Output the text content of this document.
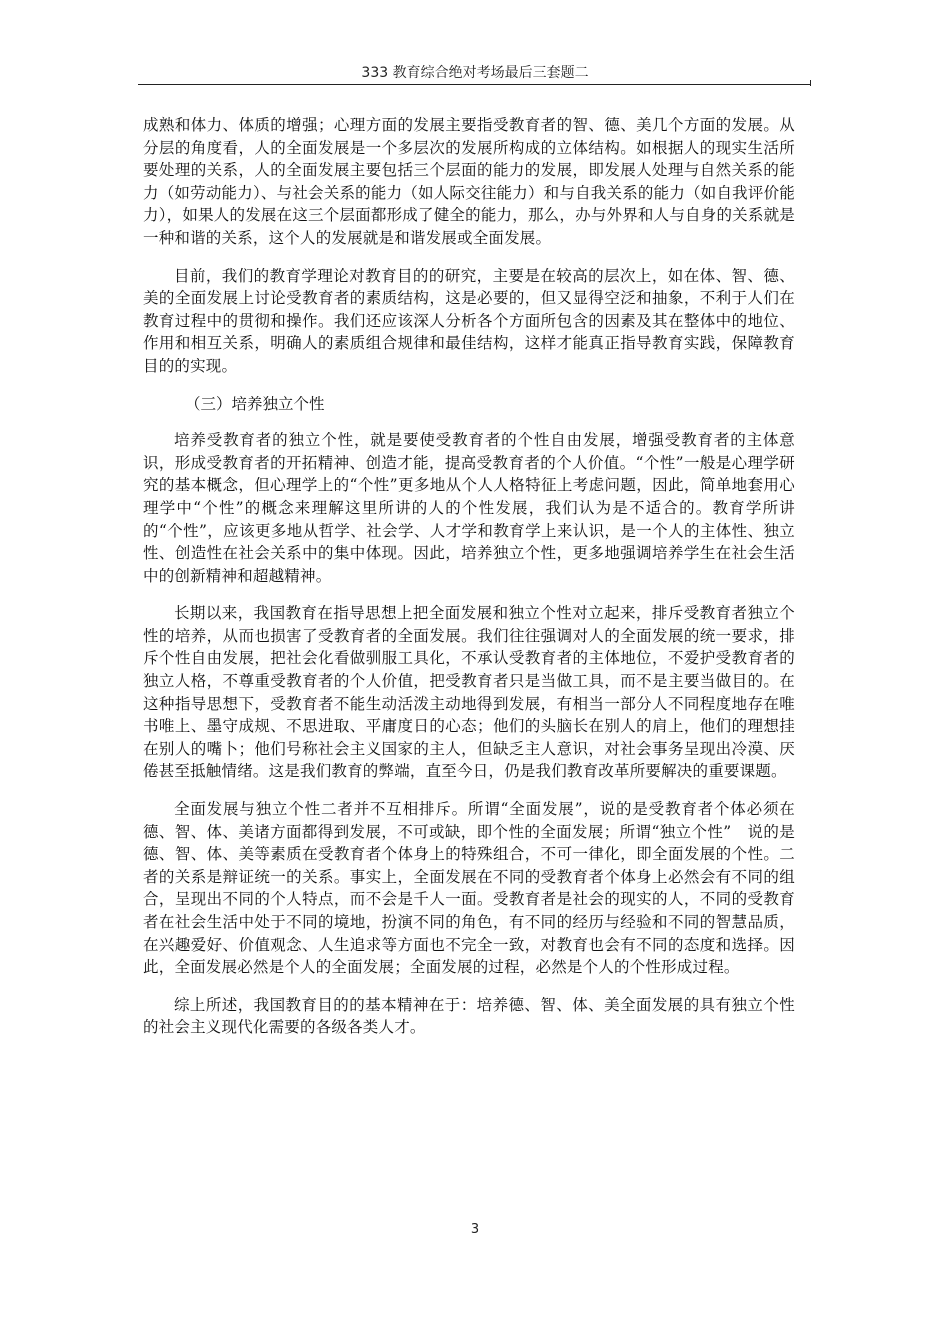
333 教育综合绝对考场最后三套题二

成熟和体力、体质的增强；心理方面的发展主要指受教育者的智、德、美几个方面的发展。从分层的角度看，人的全面发展是一个多层次的发展所构成的立体结构。如根据人的现实生活所要处理的关系，人的全面发展主要包括三个层面的能力的发展，即发展人处理与自然关系的能力（如劳动能力）、与社会关系的能力（如人际交往能力）和与自我关系的能力（如自我评价能力），如果人的发展在这三个层面都形成了健全的能力，那么，办与外界和人与自身的关系就是一种和谐的关系，这个人的发展就是和谐发展或全面发展。

目前，我们的教育学理论对教育目的的研究，主要是在较高的层次上，如在体、智、德、美的全面发展上讨论受教育者的素质结构，这是必要的，但又显得空泛和抽象，不利于人们在教育过程中的贯彻和操作。我们还应该深人分析各个方面所包含的因素及其在整体中的地位、作用和相互关系，明确人的素质组合规律和最佳结构，这样才能真正指导教育实践，保障教育目的的实现。

（三）培养独立个性

培养受教育者的独立个性，就是要使受教育者的个性自由发展，增强受教育者的主体意识，形成受教育者的开拓精神、创造才能，提高受教育者的个人价值。“个性”一般是心理学研究的基本概念，但心理学上的“个性”更多地从个人人格特征上考虑问题，因此，简单地套用心理学中“个性”的概念来理解这里所讲的人的个性发展，我们认为是不适合的。教育学所讲的“个性”，应该更多地从哲学、社会学、人才学和教育学上来认识，是一个人的主体性、独立性、创造性在社会关系中的集中体现。因此，培养独立个性，更多地强调培养学生在社会生活中的创新精神和超越精神。

长期以来，我国教育在指导思想上把全面发展和独立个性对立起来，排斥受教育者独立个性的培养，从而也损害了受教育者的全面发展。我们往往强调对人的全面发展的统一要求，排斥个性自由发展，把社会化看做驯服工具化，不承认受教育者的主体地位，不爱护受教育者的独立人格，不尊重受教育者的个人价值，把受教育者只是当做工具，而不是主要当做目的。在这种指导思想下，受教育者不能生动活泼主动地得到发展，有相当一部分人不同程度地存在唯书唯上、墨守成规、不思进取、平庸度日的心态；他们的头脑长在别人的肩上，他们的理想挂在别人的嘴卜；他们号称社会主义国家的主人，但缺乏主人意识，对社会事务呈现出冷漠、厌倦甚至抵触情绪。这是我们教育的弊端，直至今日，仍是我们教育改革所要解决的重要课题。

全面发展与独立个性二者并不互相排斥。所谓“全面发展”，说的是受教育者个体必须在德、智、体、美诸方面都得到发展，不可或缺，即个性的全面发展；所谓“独立个性”　说的是德、智、体、美等素质在受教育者个体身上的特殊组合，不可一律化，即全面发展的个性。二者的关系是辩证统一的关系。事实上，全面发展在不同的受教育者个体身上必然会有不同的组合，呈现出不同的个人特点，而不会是千人一面。受教育者是社会的现实的人，不同的受教育者在社会生活中处于不同的境地，扮演不同的角色，有不同的经历与经验和不同的智慧品质，在兴趣爱好、价值观念、人生追求等方面也不完全一致，对教育也会有不同的态度和选择。因此，全面发展必然是个人的全面发展；全面发展的过程，必然是个人的个性形成过程。

综上所述，我国教育目的的基本精神在于：培养德、智、体、美全面发展的具有独立个性的社会主义现代化需要的各级各类人才。

3
